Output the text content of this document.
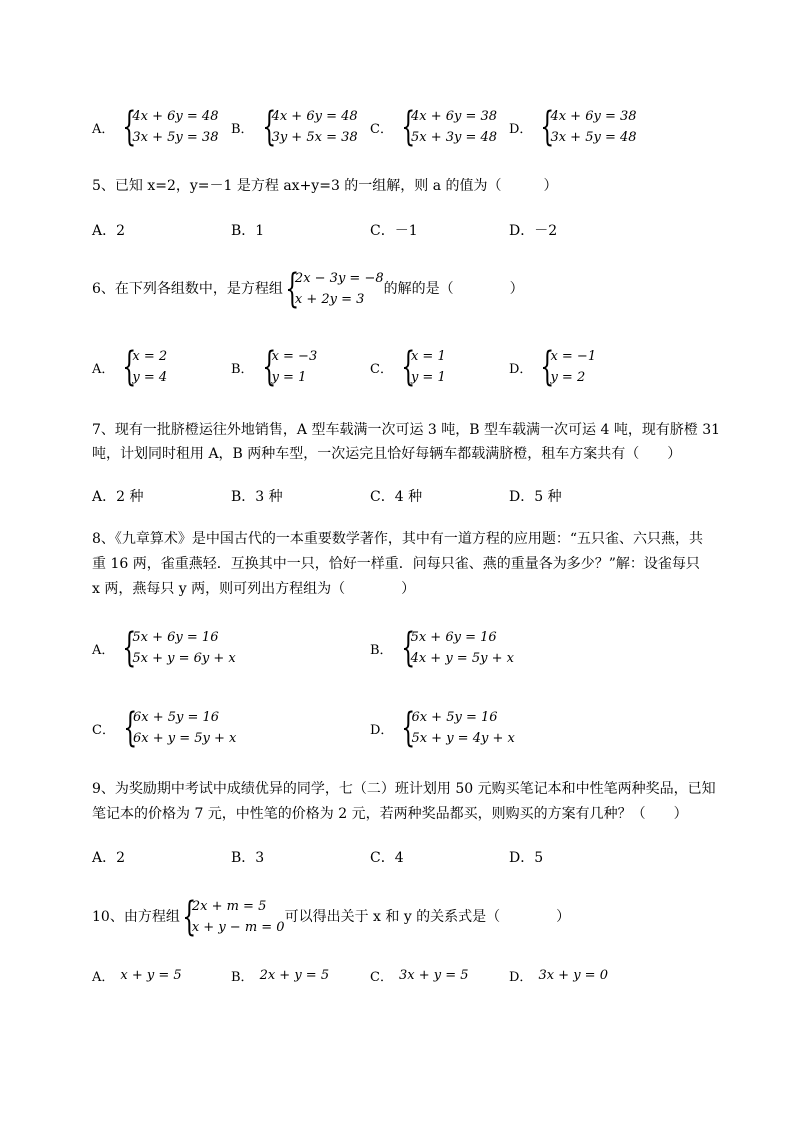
A． {
4x + 6y = 48
3x + 5y = 38
B． {
4x + 6y = 48
3y + 5x = 38
C． {
4x + 6y = 38
5x + 3y = 48
D． {
4x + 6y = 38
3x + 5y = 48
5、已知 x=2，y=－1 是方程 ax+y=3 的一组解，则 a 的值为（　　　）
A．2	B．1	C．－1	D．－2
6、在下列各组数中，是方程组 {
2x − 3y = −8
x + 2y = 3
的解的是（　　　　）
A． {
x = 2
y = 4
B． {
x = −3
y = 1
C． {
x = 1
y = 1
D． {
x = −1
y = 2
7、现有一批脐橙运往外地销售，A 型车载满一次可运 3 吨，B 型车载满一次可运 4 吨，现有脐橙 31
吨，计划同时租用 A，B 两种车型，一次运完且恰好每辆车都载满脐橙，租车方案共有（　　）
A．2 种	B．3 种	C．4 种	D．5 种
8、《九章算术》是中国古代的一本重要数学著作，其中有一道方程的应用题：“五只雀、六只燕，共
重 16 两，雀重燕轻．互换其中一只，恰好一样重．问每只雀、燕的重量各为多少？”解：设雀每只
x 两，燕每只 y 两，则可列出方程组为（　　　　）
A． {
5x + 6y = 16
5x + y = 6y + x
B． {
5x + 6y = 16
4x + y = 5y + x
C． {
6x + 5y = 16
6x + y = 5y + x
D． {
6x + 5y = 16
5x + y = 4y + x
9、为奖励期中考试中成绩优异的同学，七（二）班计划用 50 元购买笔记本和中性笔两种奖品，已知
笔记本的价格为 7 元，中性笔的价格为 2 元，若两种奖品都买，则购买的方案有几种？（　　）
A．2	B．3	C．4	D．5
10、由方程组 {
2x + m = 5
x + y − m = 0
可以得出关于 x 和 y 的关系式是（　　　　）
A． x + y = 5	B． 2x + y = 5	C． 3x + y = 5	D． 3x + y = 0
